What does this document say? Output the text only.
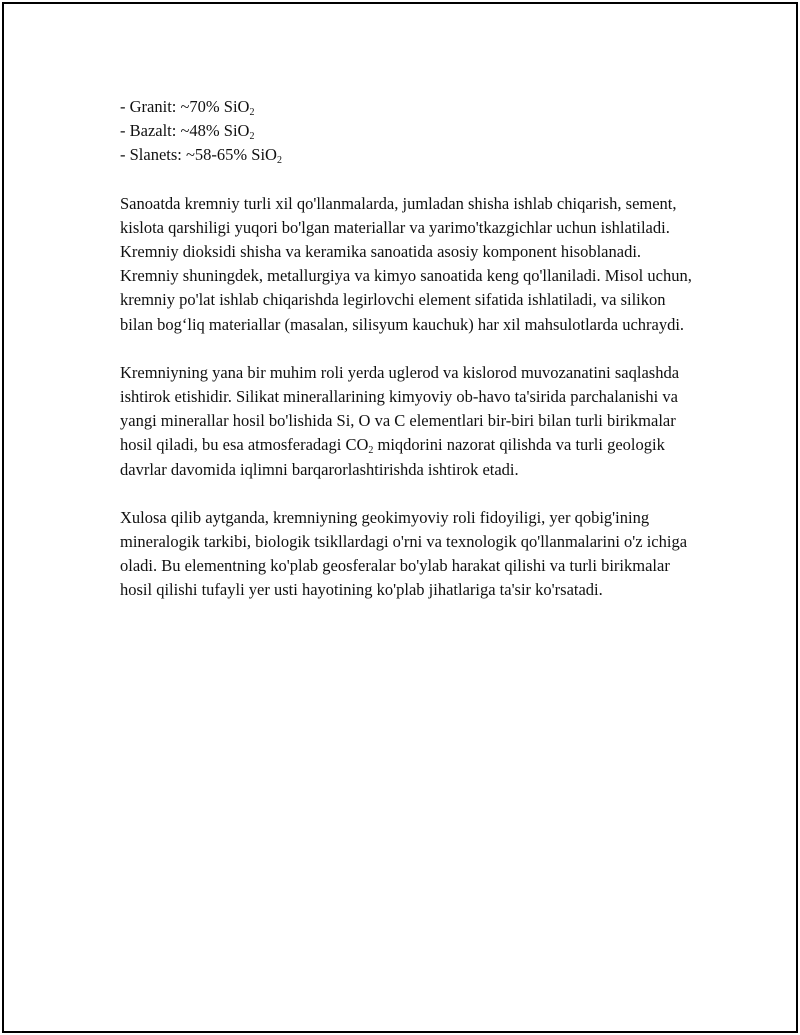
- Granit: ~70% SiO$_2$

- Bazalt: ~48% SiO$_2$

- Slanets: ~58-65% SiO$_2$

Sanoatda kremniy turli xil qo'llanmalarda, jumladan shisha ishlab chiqarish, sement, kislota qarshiligi yuqori bo'lgan materiallar va yarimo'tkazgichlar uchun ishlatiladi. Kremniy dioksidi shisha va keramika sanoatida asosiy komponent hisoblanadi. Kremniy shuningdek, metallurgiya va kimyo sanoatida keng qo'llaniladi. Misol uchun, kremniy po'lat ishlab chiqarishda legirlovchi element sifatida ishlatiladi, va silikon bilan bog‘liq materiallar (masalan, silisyum kauchuk) har xil mahsulotlarda uchraydi.

Kremniyning yana bir muhim roli yerda uglerod va kislorod muvozanatini saqlashda ishtirok etishidir. Silikat minerallarining kimyoviy ob-havo ta'sirida parchalanishi va yangi minerallar hosil bo'lishida Si, O va C elementlari bir-biri bilan turli birikmalar hosil qiladi, bu esa atmosferadagi $CO_2$ miqdorini nazorat qilishda va turli geologik davrlar davomida iqlimni barqarorlashtirishda ishtirok etadi.

Xulosa qilib aytganda, kremniyning geokimyoviy roli fidoyiligi, yer qobig'ining mineralogik tarkibi, biologik tsikllardagi o'rni va texnologik qo'llanmalarini o'z ichiga oladi. Bu elementning ko'plab geosferalar bo'ylab harakat qilishi va turli birikmalar hosil qilishi tufayli yer usti hayotining ko'plab jihatlariga ta'sir ko'rsatadi.
